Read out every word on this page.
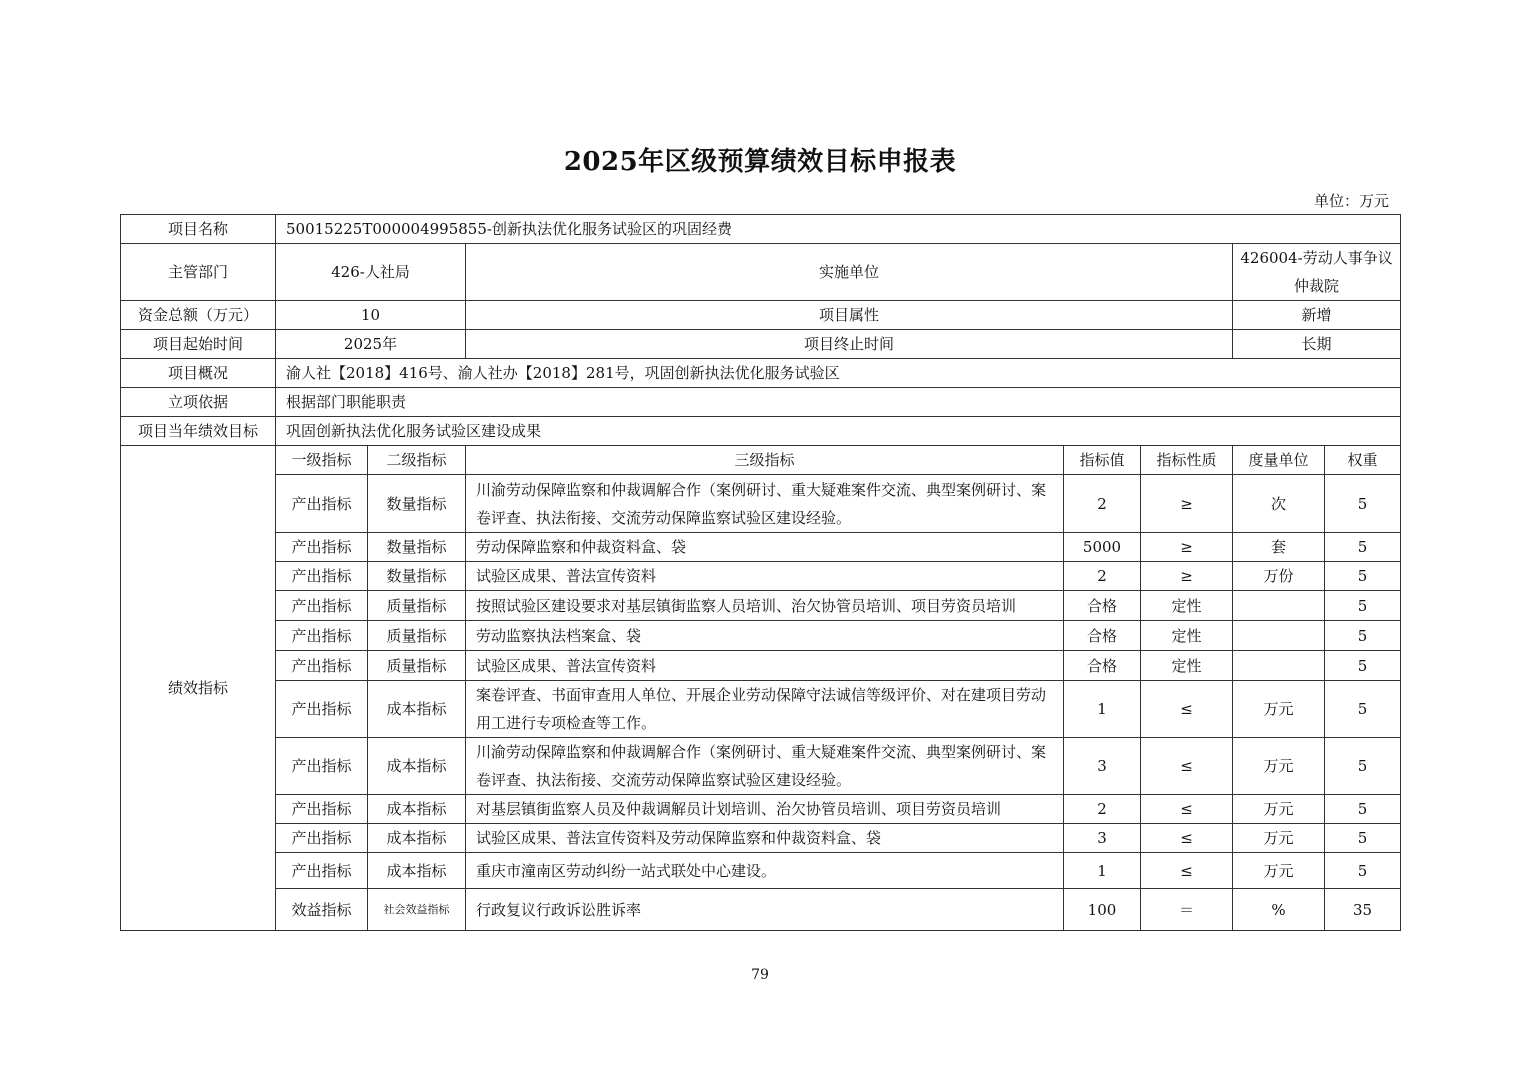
2025年区级预算绩效目标申报表
单位：万元
项目名称	50015225T000004995855-创新执法优化服务试验区的巩固经费						
主管部门	426-人社局		实施单位			426004-劳动人事争议仲裁院	
资金总额（万元）	10		项目属性			新增	
项目起始时间	2025年		项目终止时间			长期	
项目概况	渝人社【2018】416号、渝人社办【2018】281号，巩固创新执法优化服务试验区						
立项依据	根据部门职能职责						
项目当年绩效目标	巩固创新执法优化服务试验区建设成果						
绩效指标	一级指标	二级指标	三级指标	指标值	指标性质	度量单位	权重
	产出指标	数量指标	川渝劳动保障监察和仲裁调解合作（案例研讨、重大疑难案件交流、典型案例研讨、案卷评查、执法衔接、交流劳动保障监察试验区建设经验。	2	≥	次	5
	产出指标	数量指标	劳动保障监察和仲裁资料盒、袋	5000	≥	套	5
	产出指标	数量指标	试验区成果、普法宣传资料	2	≥	万份	5
	产出指标	质量指标	按照试验区建设要求对基层镇街监察人员培训、治欠协管员培训、项目劳资员培训	合格	定性		5
	产出指标	质量指标	劳动监察执法档案盒、袋	合格	定性		5
	产出指标	质量指标	试验区成果、普法宣传资料	合格	定性		5
	产出指标	成本指标	案卷评查、书面审查用人单位、开展企业劳动保障守法诚信等级评价、对在建项目劳动用工进行专项检查等工作。	1	≤	万元	5
	产出指标	成本指标	川渝劳动保障监察和仲裁调解合作（案例研讨、重大疑难案件交流、典型案例研讨、案卷评查、执法衔接、交流劳动保障监察试验区建设经验。	3	≤	万元	5
	产出指标	成本指标	对基层镇街监察人员及仲裁调解员计划培训、治欠协管员培训、项目劳资员培训	2	≤	万元	5
	产出指标	成本指标	试验区成果、普法宣传资料及劳动保障监察和仲裁资料盒、袋	3	≤	万元	5
	产出指标	成本指标	重庆市潼南区劳动纠纷一站式联处中心建设。	1	≤	万元	5
	效益指标	社会效益指标	行政复议行政诉讼胜诉率	100	＝	%	35
79
